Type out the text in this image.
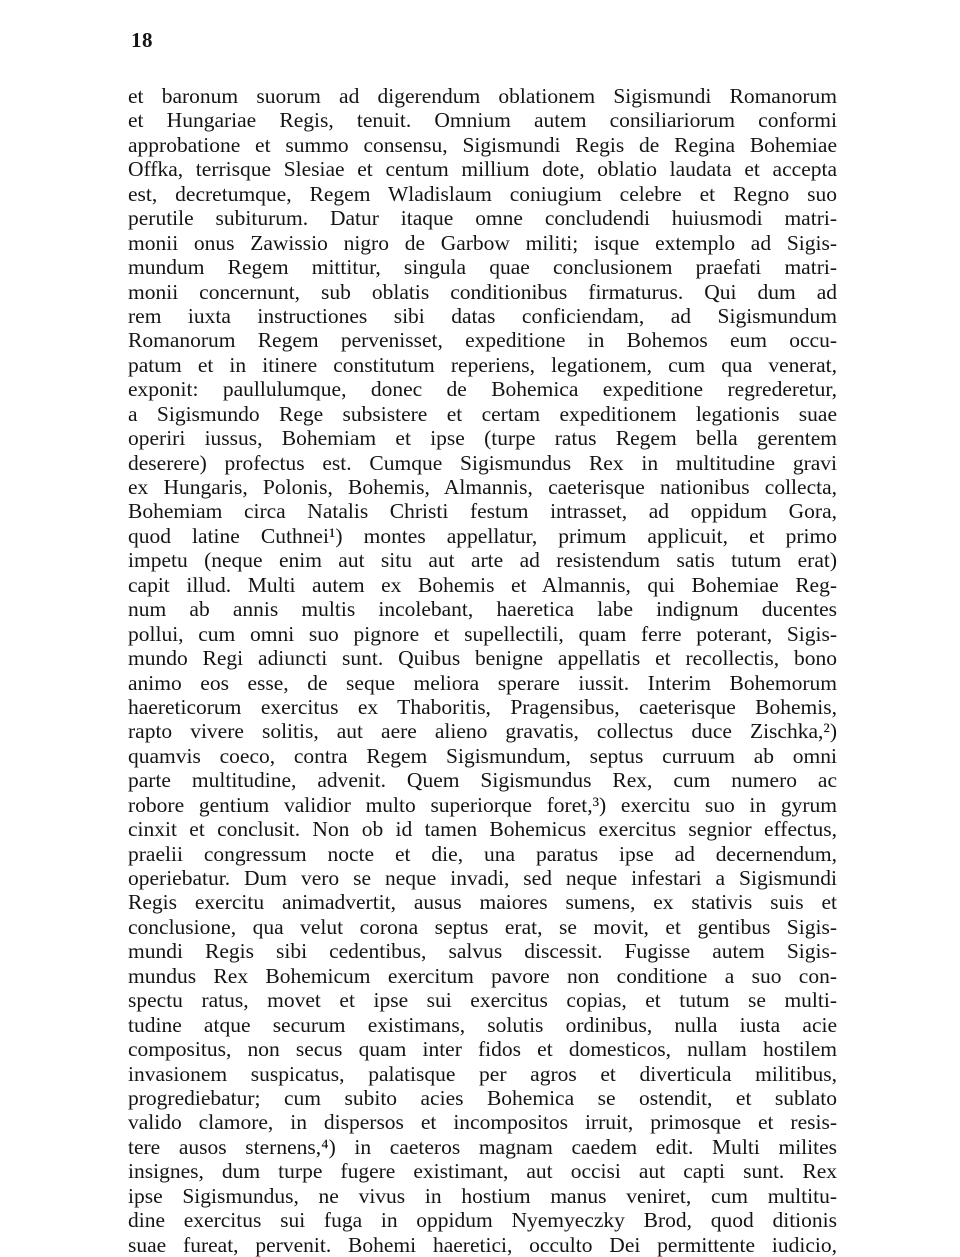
18
et baronum suorum ad digerendum oblationem Sigismundi Romanorum
et Hungariae Regis, tenuit. Omnium autem consiliariorum conformi
approbatione et summo consensu, Sigismundi Regis de Regina Bohemiae
Offka, terrisque Slesiae et centum millium dote, oblatio laudata et accepta
est, decretumque, Regem Wladislaum coniugium celebre et Regno suo
perutile subiturum. Datur itaque omne concludendi huiusmodi matri-
monii onus Zawissio nigro de Garbow militi; isque extemplo ad Sigis-
mundum Regem mittitur, singula quae conclusionem praefati matri-
monii concernunt, sub oblatis conditionibus firmaturus. Qui dum ad
rem iuxta instructiones sibi datas conficiendam, ad Sigismundum
Romanorum Regem pervenisset, expeditione in Bohemos eum occu-
patum et in itinere constitutum reperiens, legationem, cum qua venerat,
exponit: paullulumque, donec de Bohemica expeditione regrederetur,
a Sigismundo Rege subsistere et certam expeditionem legationis suae
operiri iussus, Bohemiam et ipse (turpe ratus Regem bella gerentem
deserere) profectus est. Cumque Sigismundus Rex in multitudine gravi
ex Hungaris, Polonis, Bohemis, Almannis, caeterisque nationibus collecta,
Bohemiam circa Natalis Christi festum intrasset, ad oppidum Gora,
quod latine Cuthnei¹) montes appellatur, primum applicuit, et primo
impetu (neque enim aut situ aut arte ad resistendum satis tutum erat)
capit illud. Multi autem ex Bohemis et Almannis, qui Bohemiae Reg-
num ab annis multis incolebant, haeretica labe indignum ducentes
pollui, cum omni suo pignore et supellectili, quam ferre poterant, Sigis-
mundo Regi adiuncti sunt. Quibus benigne appellatis et recollectis, bono
animo eos esse, de seque meliora sperare iussit. Interim Bohemorum
haereticorum exercitus ex Thaboritis, Pragensibus, caeterisque Bohemis,
rapto vivere solitis, aut aere alieno gravatis, collectus duce Zischka,²)
quamvis coeco, contra Regem Sigismundum, septus curruum ab omni
parte multitudine, advenit. Quem Sigismundus Rex, cum numero ac
robore gentium validior multo superiorque foret,³) exercitu suo in gyrum
cinxit et conclusit. Non ob id tamen Bohemicus exercitus segnior effectus,
praelii congressum nocte et die, una paratus ipse ad decernendum,
operiebatur. Dum vero se neque invadi, sed neque infestari a Sigismundi
Regis exercitu animadvertit, ausus maiores sumens, ex stativis suis et
conclusione, qua velut corona septus erat, se movit, et gentibus Sigis-
mundi Regis sibi cedentibus, salvus discessit. Fugisse autem Sigis-
mundus Rex Bohemicum exercitum pavore non conditione a suo con-
spectu ratus, movet et ipse sui exercitus copias, et tutum se multi-
tudine atque securum existimans, solutis ordinibus, nulla iusta acie
compositus, non secus quam inter fidos et domesticos, nullam hostilem
invasionem suspicatus, palatisque per agros et diverticula militibus,
progrediebatur; cum subito acies Bohemica se ostendit, et sublato
valido clamore, in dispersos et incompositos irruit, primosque et resis-
tere ausos sternens,⁴) in caeteros magnam caedem edit. Multi milites
insignes, dum turpe fugere existimant, aut occisi aut capti sunt. Rex
ipse Sigismundus, ne vivus in hostium manus veniret, cum multitu-
dine exercitus sui fuga in oppidum Nyemyeczky Brod, quod ditionis
suae fureat, pervenit. Bohemi haeretici, occulto Dei permittente iudicio,
